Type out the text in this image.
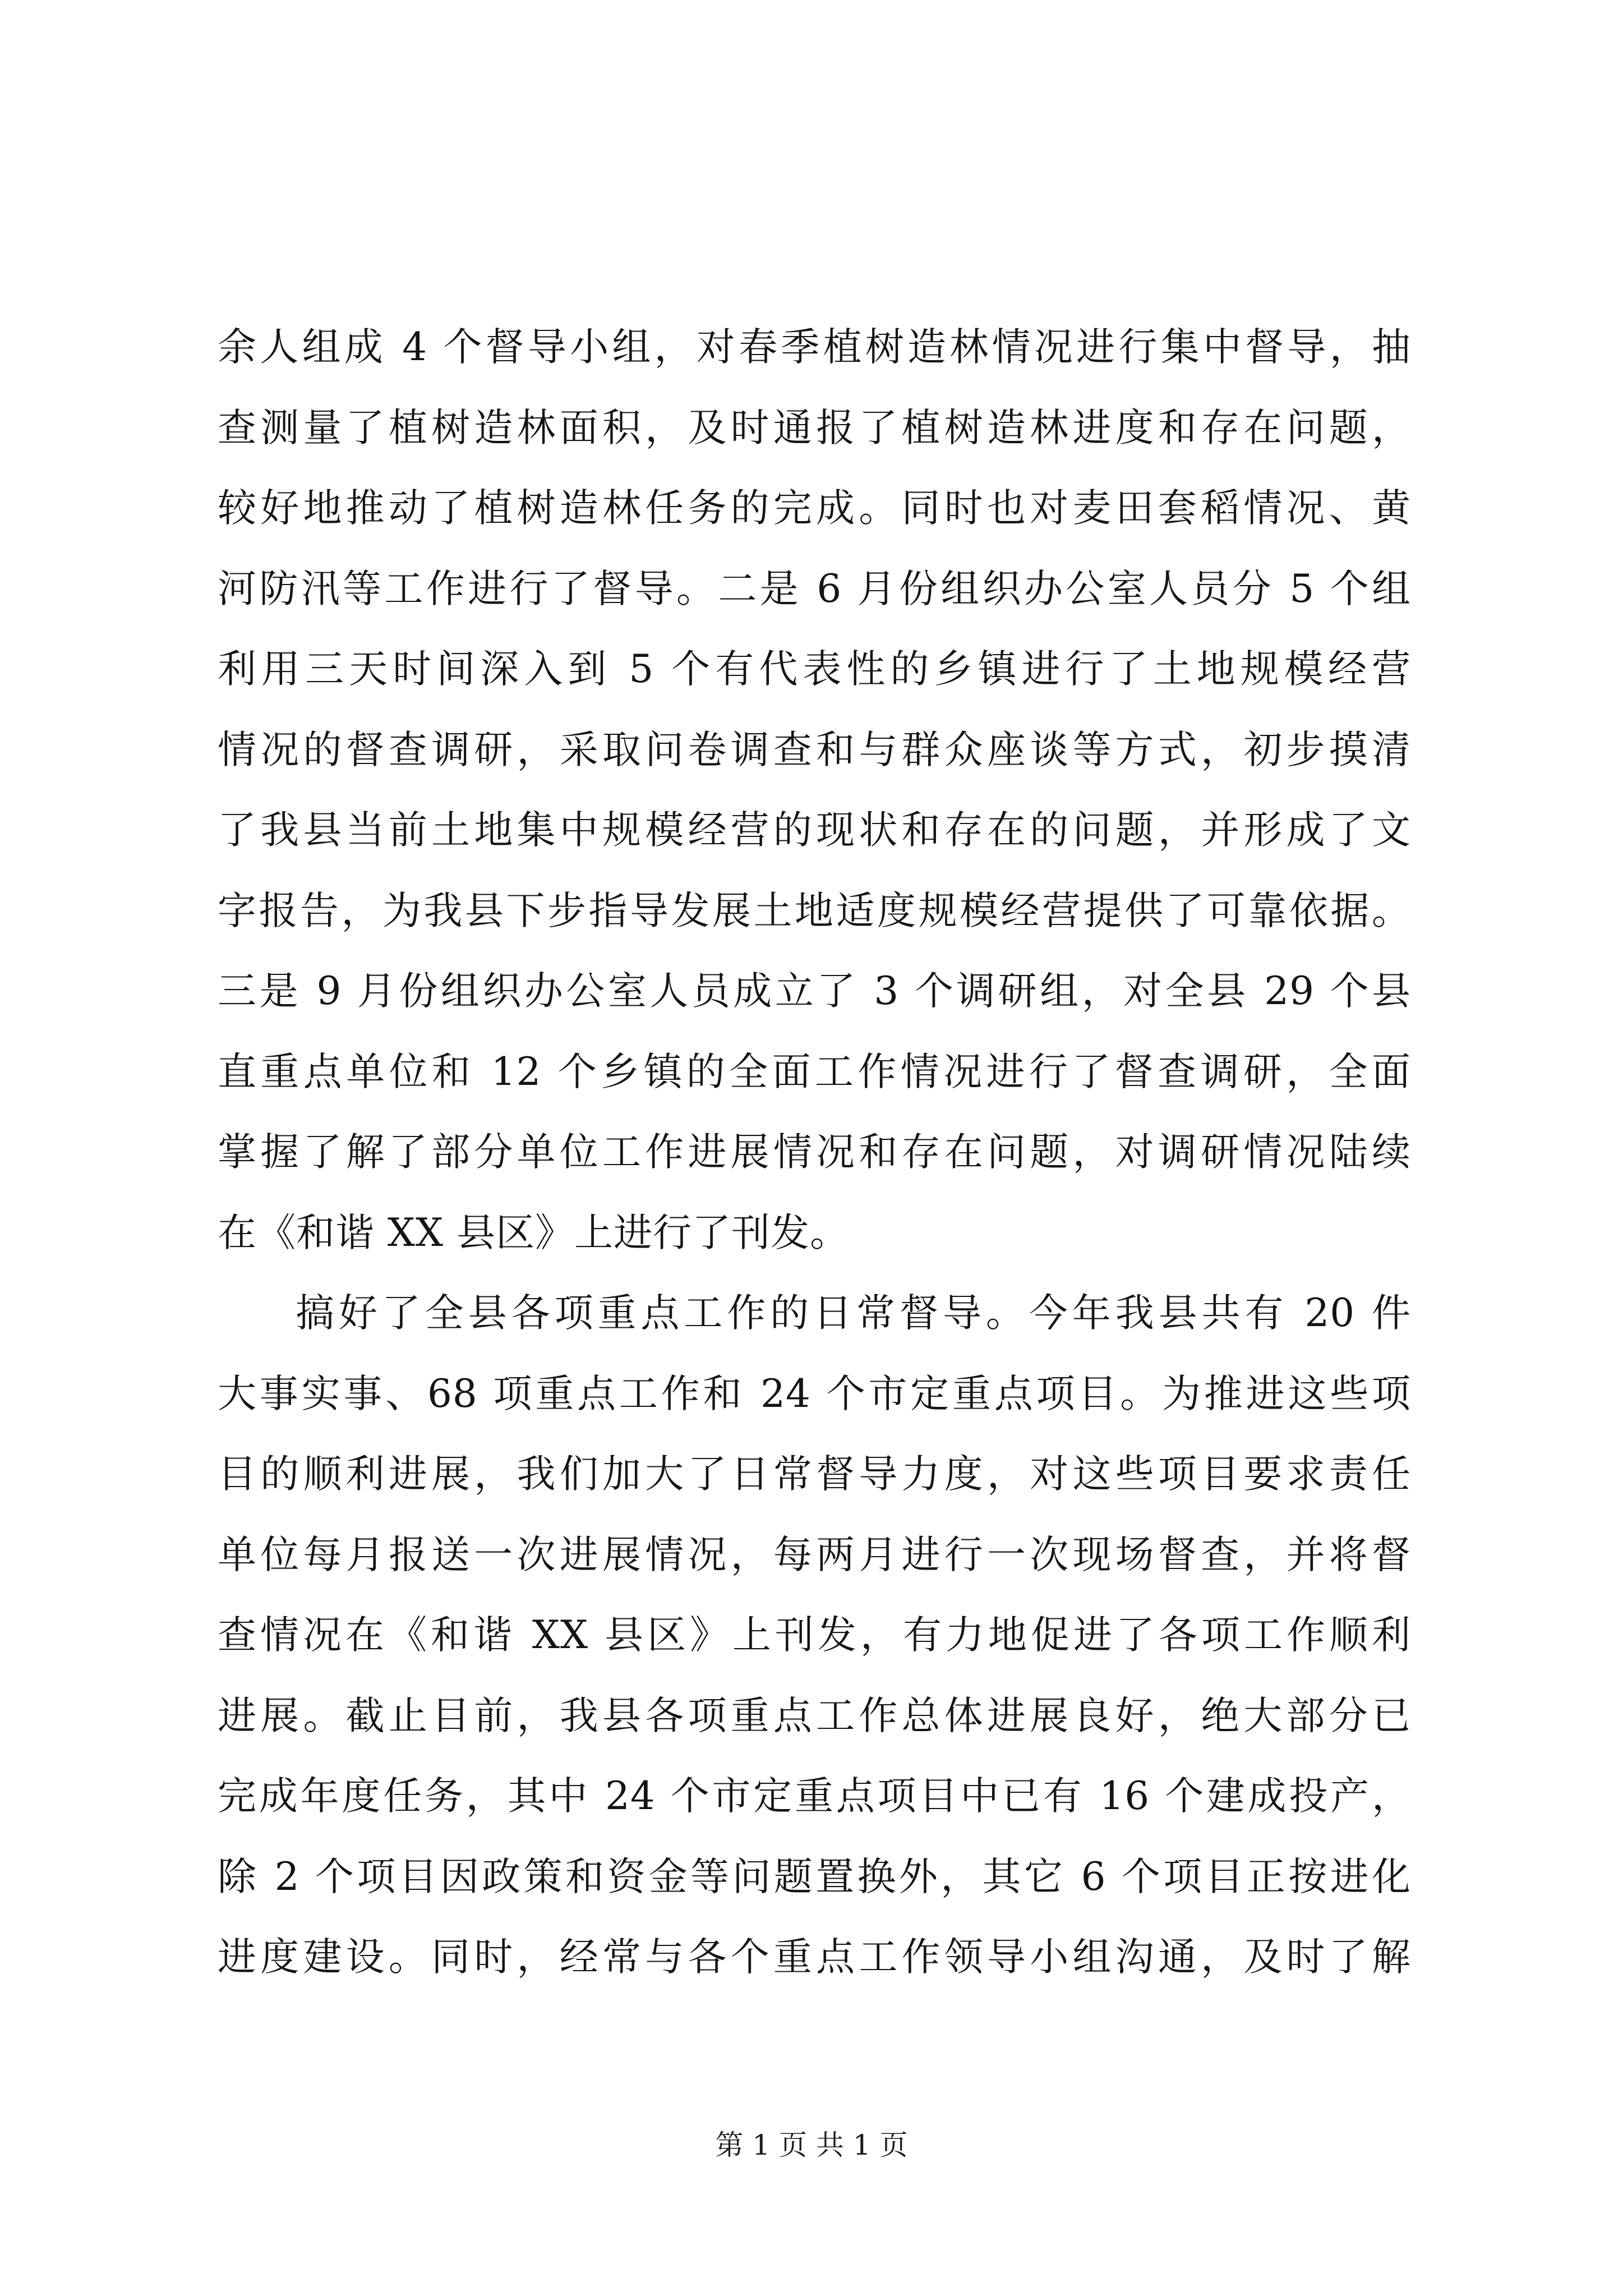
余人组成 4 个督导小组，对春季植树造林情况进行集中督导，抽
查测量了植树造林面积，及时通报了植树造林进度和存在问题，
较好地推动了植树造林任务的完成。同时也对麦田套稻情况、黄
河防汛等工作进行了督导。二是 6 月份组织办公室人员分 5 个组
利用三天时间深入到 5 个有代表性的乡镇进行了土地规模经营
情况的督查调研，采取问卷调查和与群众座谈等方式，初步摸清
了我县当前土地集中规模经营的现状和存在的问题，并形成了文
字报告，为我县下步指导发展土地适度规模经营提供了可靠依据。
三是 9 月份组织办公室人员成立了 3 个调研组，对全县 29 个县
直重点单位和 12 个乡镇的全面工作情况进行了督查调研，全面
掌握了解了部分单位工作进展情况和存在问题，对调研情况陆续
在《和谐 XX 县区》上进行了刊发。
搞好了全县各项重点工作的日常督导。今年我县共有 20 件
大事实事、68 项重点工作和 24 个市定重点项目。为推进这些项
目的顺利进展，我们加大了日常督导力度，对这些项目要求责任
单位每月报送一次进展情况，每两月进行一次现场督查，并将督
查情况在《和谐 XX 县区》上刊发，有力地促进了各项工作顺利
进展。截止目前，我县各项重点工作总体进展良好，绝大部分已
完成年度任务，其中 24 个市定重点项目中已有 16 个建成投产，
除 2 个项目因政策和资金等问题置换外，其它 6 个项目正按进化
进度建设。同时，经常与各个重点工作领导小组沟通，及时了解
第 1 页 共 1 页
